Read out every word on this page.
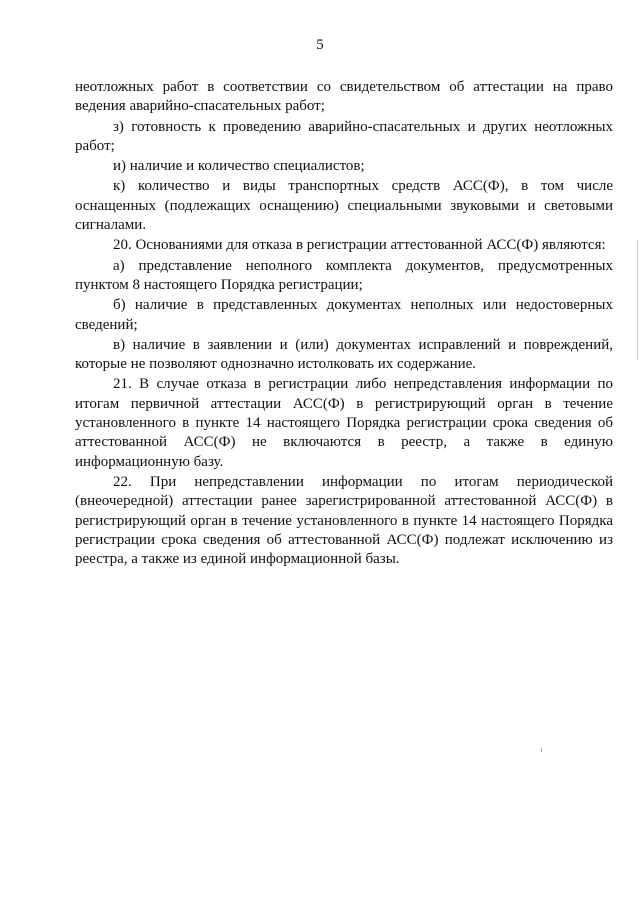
5

неотложных работ в соответствии со свидетельством об аттестации на право ведения аварийно-спасательных работ;

з) готовность к проведению аварийно-спасательных и других неотложных работ;

и) наличие и количество специалистов;

к) количество и виды транспортных средств АСС(Ф), в том числе оснащенных (подлежащих оснащению) специальными звуковыми и световыми сигналами.

20. Основаниями для отказа в регистрации аттестованной АСС(Ф) являются:

а) представление неполного комплекта документов, предусмотренных пунктом 8 настоящего Порядка регистрации;

б) наличие в представленных документах неполных или недостоверных сведений;

в) наличие в заявлении и (или) документах исправлений и повреждений, которые не позволяют однозначно истолковать их содержание.

21. В случае отказа в регистрации либо непредставления информации по итогам первичной аттестации АСС(Ф) в регистрирующий орган в течение установленного в пункте 14 настоящего Порядка регистрации срока сведения об аттестованной АСС(Ф) не включаются в реестр, а также в единую информационную базу.

22. При непредставлении информации по итогам периодической (внеочередной) аттестации ранее зарегистрированной аттестованной АСС(Ф) в регистрирующий орган в течение установленного в пункте 14 настоящего Порядка регистрации срока сведения об аттестованной АСС(Ф) подлежат исключению из реестра, а также из единой информационной базы.
